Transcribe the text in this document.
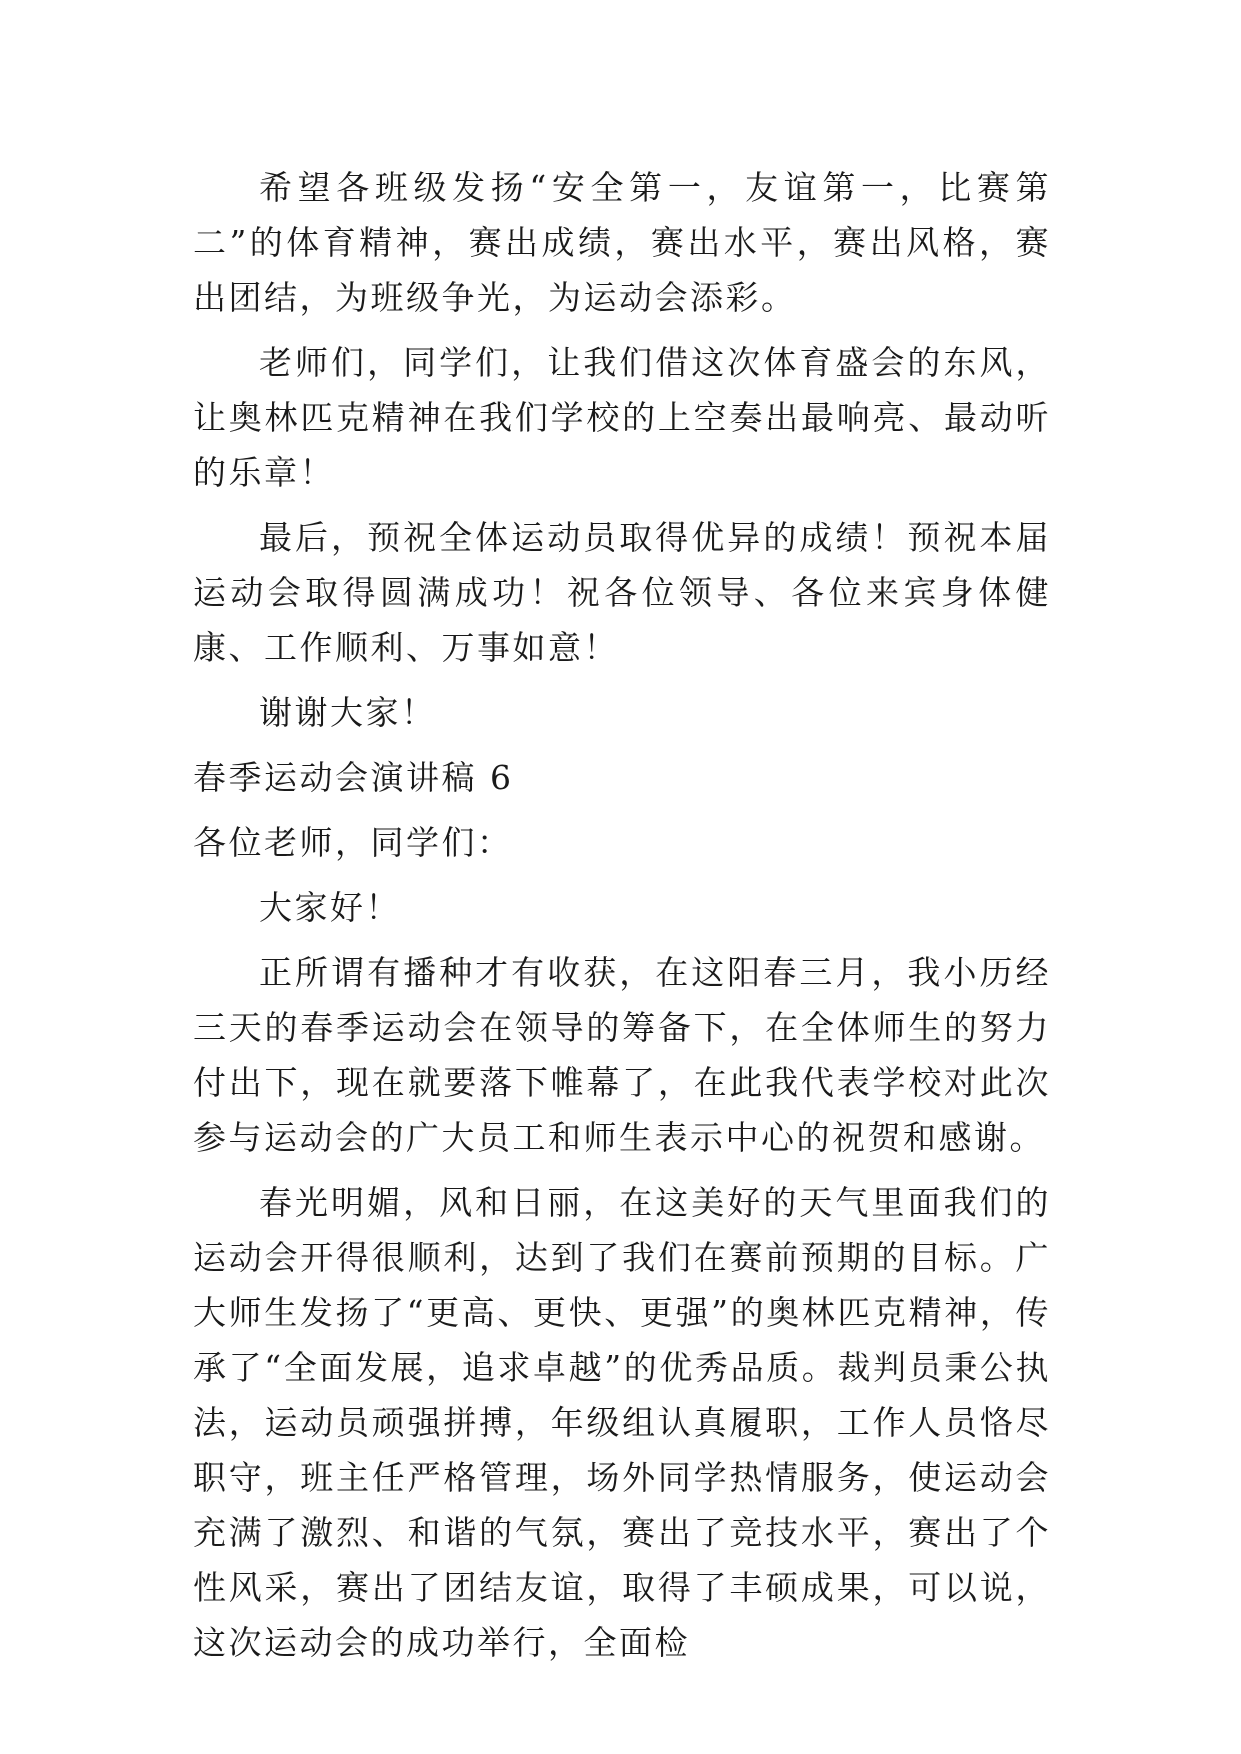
希望各班级发扬“安全第一，友谊第一，比赛第二”的体育精神，赛出成绩，赛出水平，赛出风格，赛出团结，为班级争光，为运动会添彩。

老师们，同学们，让我们借这次体育盛会的东风，让奥林匹克精神在我们学校的上空奏出最响亮、最动听的乐章！

最后，预祝全体运动员取得优异的成绩！预祝本届运动会取得圆满成功！祝各位领导、各位来宾身体健康、工作顺利、万事如意！

谢谢大家！

春季运动会演讲稿 6

各位老师，同学们：

大家好！

正所谓有播种才有收获，在这阳春三月，我小历经三天的春季运动会在领导的筹备下，在全体师生的努力付出下，现在就要落下帷幕了，在此我代表学校对此次参与运动会的广大员工和师生表示中心的祝贺和感谢。

春光明媚，风和日丽，在这美好的天气里面我们的运动会开得很顺利，达到了我们在赛前预期的目标。广大师生发扬了“更高、更快、更强”的奥林匹克精神，传承了“全面发展，追求卓越”的优秀品质。裁判员秉公执法，运动员顽强拼搏，年级组认真履职，工作人员恪尽职守，班主任严格管理，场外同学热情服务，使运动会充满了激烈、和谐的气氛，赛出了竞技水平，赛出了个性风采，赛出了团结友谊，取得了丰硕成果，可以说，这次运动会的成功举行，全面检
